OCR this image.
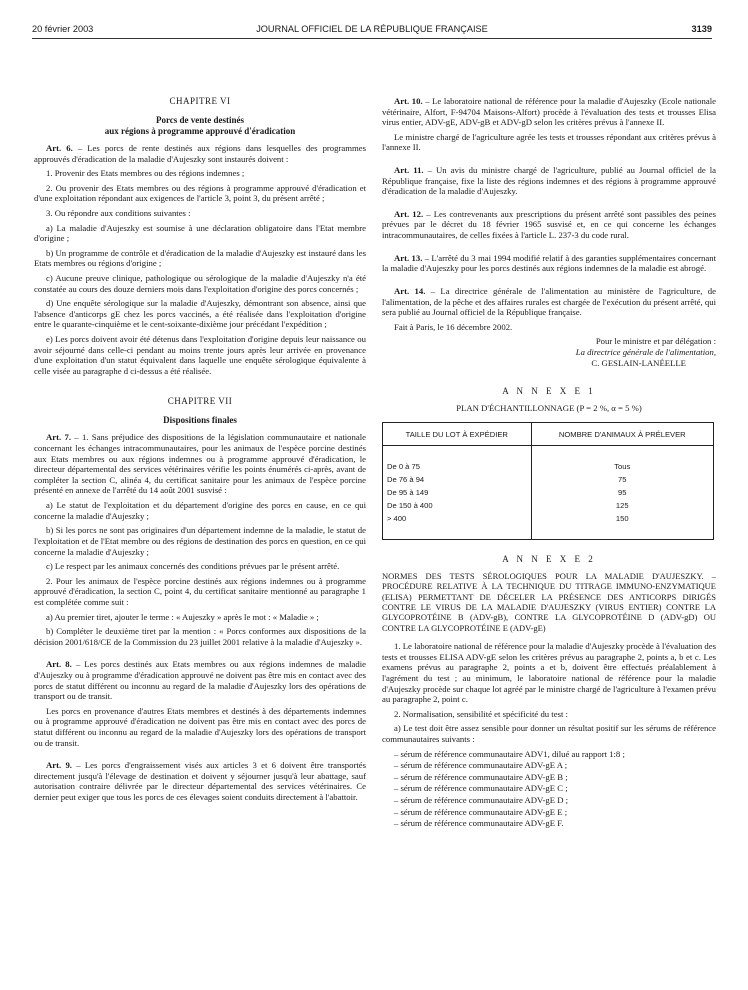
20 février 2003	JOURNAL OFFICIEL DE LA RÉPUBLIQUE FRANÇAISE	3139

CHAPITRE VI

Porcs de vente destinés

aux régions à programme approuvé d'éradication

Art. 6. – Les porcs de rente destinés aux régions dans lesquelles des programmes approuvés d'éradication de la maladie d'Aujeszky sont instaurés doivent :

1. Provenir des Etats membres ou des régions indemnes ;

2. Ou provenir des Etats membres ou des régions à programme approuvé d'éradication et d'une exploitation répondant aux exigences de l'article 3, point 3, du présent arrêté ;

3. Ou répondre aux conditions suivantes :

a) La maladie d'Aujeszky est soumise à une déclaration obligatoire dans l'Etat membre d'origine ;

b) Un programme de contrôle et d'éradication de la maladie d'Aujeszky est instauré dans les Etats membres ou régions d'origine ;

c) Aucune preuve clinique, pathologique ou sérologique de la maladie d'Aujeszky n'a été constatée au cours des douze derniers mois dans l'exploitation d'origine des porcs concernés ;

d) Une enquête sérologique sur la maladie d'Aujeszky, démontrant son absence, ainsi que l'absence d'anticorps gE chez les porcs vaccinés, a été réalisée dans l'exploitation d'origine entre le quarante-cinquième et le cent-soixante-dixième jour précédant l'expédition ;

e) Les porcs doivent avoir été détenus dans l'exploitation d'origine depuis leur naissance ou avoir séjourné dans celle-ci pendant au moins trente jours après leur arrivée en provenance d'une exploitation d'un statut équivalent dans laquelle une enquête sérologique équivalente à celle visée au paragraphe d ci-dessus a été réalisée.

CHAPITRE VII

Dispositions finales

Art. 7. – 1. Sans préjudice des dispositions de la législation communautaire et nationale concernant les échanges intracommunautaires, pour les animaux de l'espèce porcine destinés aux Etats membres ou aux régions indemnes ou à programme approuvé d'éradication, le directeur départemental des services vétérinaires vérifie les points énumérés ci-après, avant de compléter la section C, alinéa 4, du certificat sanitaire pour les animaux de l'espèce porcine présenté en annexe de l'arrêté du 14 août 2001 susvisé :

a) Le statut de l'exploitation et du département d'origine des porcs en cause, en ce qui concerne la maladie d'Aujeszky ;

b) Si les porcs ne sont pas originaires d'un département indemne de la maladie, le statut de l'exploitation et de l'Etat membre ou des régions de destination des porcs en question, en ce qui concerne la maladie d'Aujeszky ;

c) Le respect par les animaux concernés des conditions prévues par le présent arrêté.

2. Pour les animaux de l'espèce porcine destinés aux régions indemnes ou à programme approuvé d'éradication, la section C, point 4, du certificat sanitaire mentionné au paragraphe 1 est complétée comme suit :

a) Au premier tiret, ajouter le terme : « Aujeszky » après le mot : « Maladie » ;

b) Compléter le deuxième tiret par la mention : « Porcs conformes aux dispositions de la décision 2001/618/CE de la Commission du 23 juillet 2001 relative à la maladie d'Aujeszky ».

Art. 8. – Les porcs destinés aux Etats membres ou aux régions indemnes de maladie d'Aujeszky ou à programme d'éradication approuvé ne doivent pas être mis en contact avec des porcs de statut différent ou inconnu au regard de la maladie d'Aujeszky lors des opérations de transport ou de transit.

Les porcs en provenance d'autres Etats membres et destinés à des départements indemnes ou à programme approuvé d'éradication ne doivent pas être mis en contact avec des porcs de statut différent ou inconnu au regard de la maladie d'Aujeszky lors des opérations de transport ou de transit.

Art. 9. – Les porcs d'engraissement visés aux articles 3 et 6 doivent être transportés directement jusqu'à l'élevage de destination et doivent y séjourner jusqu'à leur abattage, sauf autorisation contraire délivrée par le directeur départemental des services vétérinaires. Ce dernier peut exiger que tous les porcs de ces élevages soient conduits directement à l'abattoir.

Art. 10. – Le laboratoire national de référence pour la maladie d'Aujeszky (Ecole nationale vétérinaire, Alfort, F-94704 Maisons-Alfort) procède à l'évaluation des tests et trousses Elisa virus entier, ADV-gE, ADV-gB et ADV-gD selon les critères prévus à l'annexe II.

Le ministre chargé de l'agriculture agrée les tests et trousses répondant aux critères prévus à l'annexe II.

Art. 11. – Un avis du ministre chargé de l'agriculture, publié au Journal officiel de la République française, fixe la liste des régions indemnes et des régions à programme approuvé d'éradication de la maladie d'Aujeszky.

Art. 12. – Les contrevenants aux prescriptions du présent arrêté sont passibles des peines prévues par le décret du 18 février 1965 susvisé et, en ce qui concerne les échanges intracommunautaires, de celles fixées à l'article L. 237-3 du code rural.

Art. 13. – L'arrêté du 3 mai 1994 modifié relatif à des garanties supplémentaires concernant la maladie d'Aujeszky pour les porcs destinés aux régions indemnes de la maladie est abrogé.

Art. 14. – La directrice générale de l'alimentation au ministère de l'agriculture, de l'alimentation, de la pêche et des affaires rurales est chargée de l'exécution du présent arrêté, qui sera publié au Journal officiel de la République française.

Fait à Paris, le 16 décembre 2002.

Pour le ministre et par délégation :

La directrice générale de l'alimentation,

C. GESLAIN-LANÉELLE

A N N E X E 1

PLAN D'ÉCHANTILLONNAGE (P = 2 %, α = 5 %)

TAILLE DU LOT À EXPÉDIER	NOMBRE D'ANIMAUX À PRÉLEVER

De 0 à 75	Tous
De 76 à 94	75
De 95 à 149	95
De 150 à 400	125
> 400	150

A N N E X E 2

NORMES DES TESTS SÉROLOGIQUES POUR LA MALADIE D'AUJESZKY. – PROCÉDURE RELATIVE À LA TECHNIQUE DU TITRAGE IMMUNO-ENZYMATIQUE (ELISA) PERMETTANT DE DÉCELER LA PRÉSENCE DES ANTICORPS DIRIGÉS CONTRE LE VIRUS DE LA MALADIE D'AUJESZKY (VIRUS ENTIER) CONTRE LA GLYCOPROTÉINE B (ADV-gB), CONTRE LA GLYCOPROTÉINE D (ADV-gD) OU CONTRE LA GLYCOPROTÉINE E (ADV-gE)

1. Le laboratoire national de référence pour la maladie d'Aujeszky procède à l'évaluation des tests et trousses ELISA ADV-gE selon les critères prévus au paragraphe 2, points a, b et c. Les examens prévus au paragraphe 2, points a et b, doivent être effectués préalablement à l'agrément du test ; au minimum, le laboratoire national de référence pour la maladie d'Aujeszky procède sur chaque lot agréé par le ministre chargé de l'agriculture à l'examen prévu au paragraphe 2, point c.

2. Normalisation, sensibilité et spécificité du test :

a) Le test doit être assez sensible pour donner un résultat positif sur les sérums de référence communautaires suivants :

– sérum de référence communautaire ADV1, dilué au rapport 1:8 ;
– sérum de référence communautaire ADV-gE A ;
– sérum de référence communautaire ADV-gE B ;
– sérum de référence communautaire ADV-gE C ;
– sérum de référence communautaire ADV-gE D ;
– sérum de référence communautaire ADV-gE E ;
– sérum de référence communautaire ADV-gE F.
